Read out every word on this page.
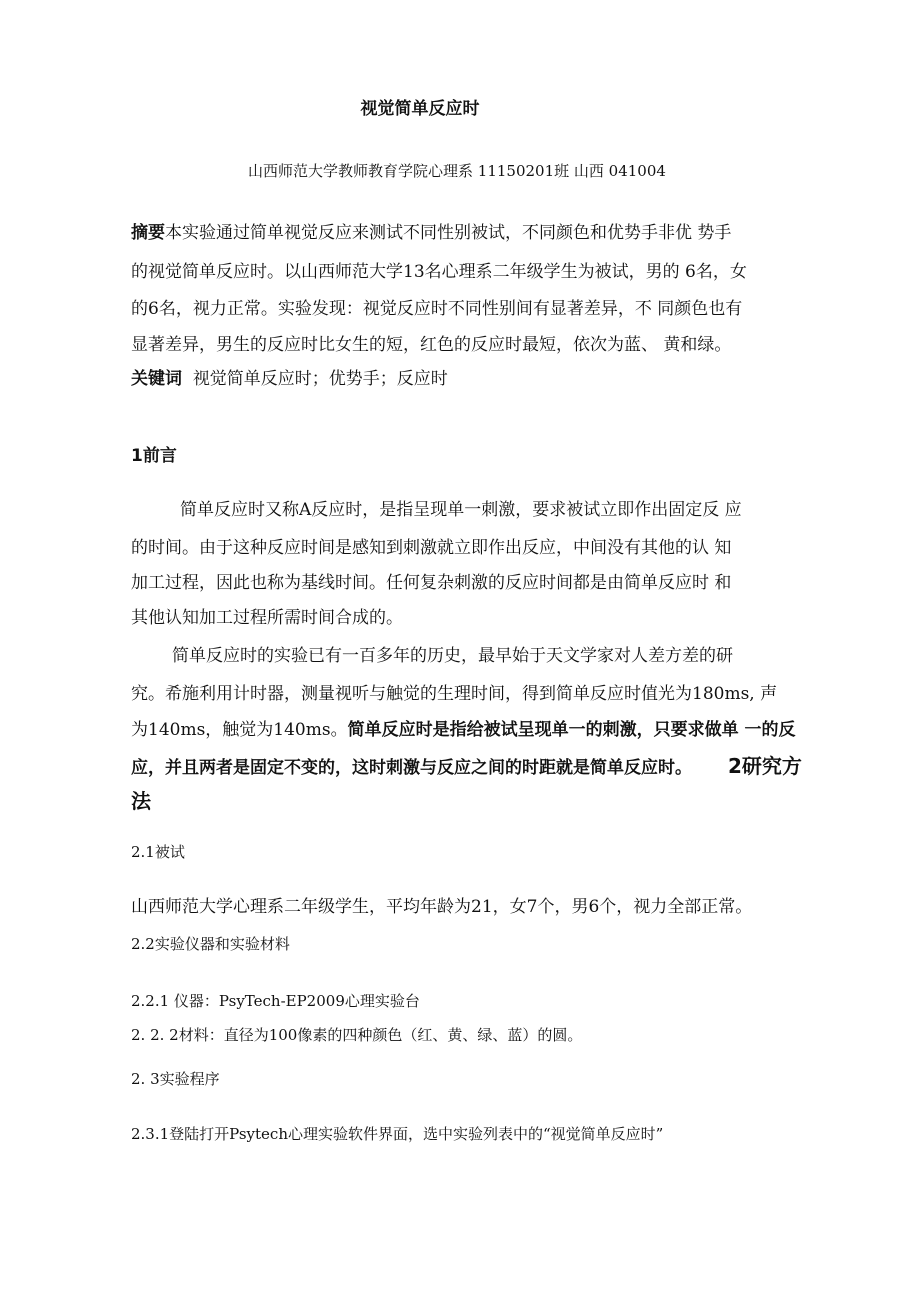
视觉简单反应时
山西师范大学教师教育学院心理系 11150201班 山西 041004
摘要本实验通过简单视觉反应来测试不同性别被试，不同颜色和优势手非优 势手
的视觉简单反应时。以山西师范大学13名心理系二年级学生为被试，男的 6名，女
的6名，视力正常。实验发现：视觉反应时不同性别间有显著差异，不 同颜色也有
显著差异，男生的反应时比女生的短，红色的反应时最短，依次为蓝、 黄和绿。
关键词 视觉简单反应时；优势手；反应时
1前言
简单反应时又称A反应时，是指呈现单一刺激，要求被试立即作出固定反 应
的时间。由于这种反应时间是感知到刺激就立即作出反应，中间没有其他的认 知
加工过程，因此也称为基线时间。任何复杂刺激的反应时间都是由简单反应时 和
其他认知加工过程所需时间合成的。
简单反应时的实验已有一百多年的历史，最早始于天文学家对人差方差的研
究。希施利用计时器，测量视听与触觉的生理时间，得到简单反应时值光为180ms, 声
为140ms，触觉为140ms。简单反应时是指给被试呈现单一的刺激，只要求做单 一的反
应，并且两者是固定不变的，这时刺激与反应之间的时距就是简单反应时。 2研究方
法
2.1被试
山西师范大学心理系二年级学生，平均年龄为21，女7个，男6个，视力全部正常。
2.2实验仪器和实验材料
2.2.1 仪器：PsyTech-EP2009心理实验台
2. 2. 2材料：直径为100像素的四种颜色（红、黄、绿、蓝）的圆。
2. 3实验程序
2.3.1登陆打开Psytech心理实验软件界面，选中实验列表中的“视觉简单反应时”
